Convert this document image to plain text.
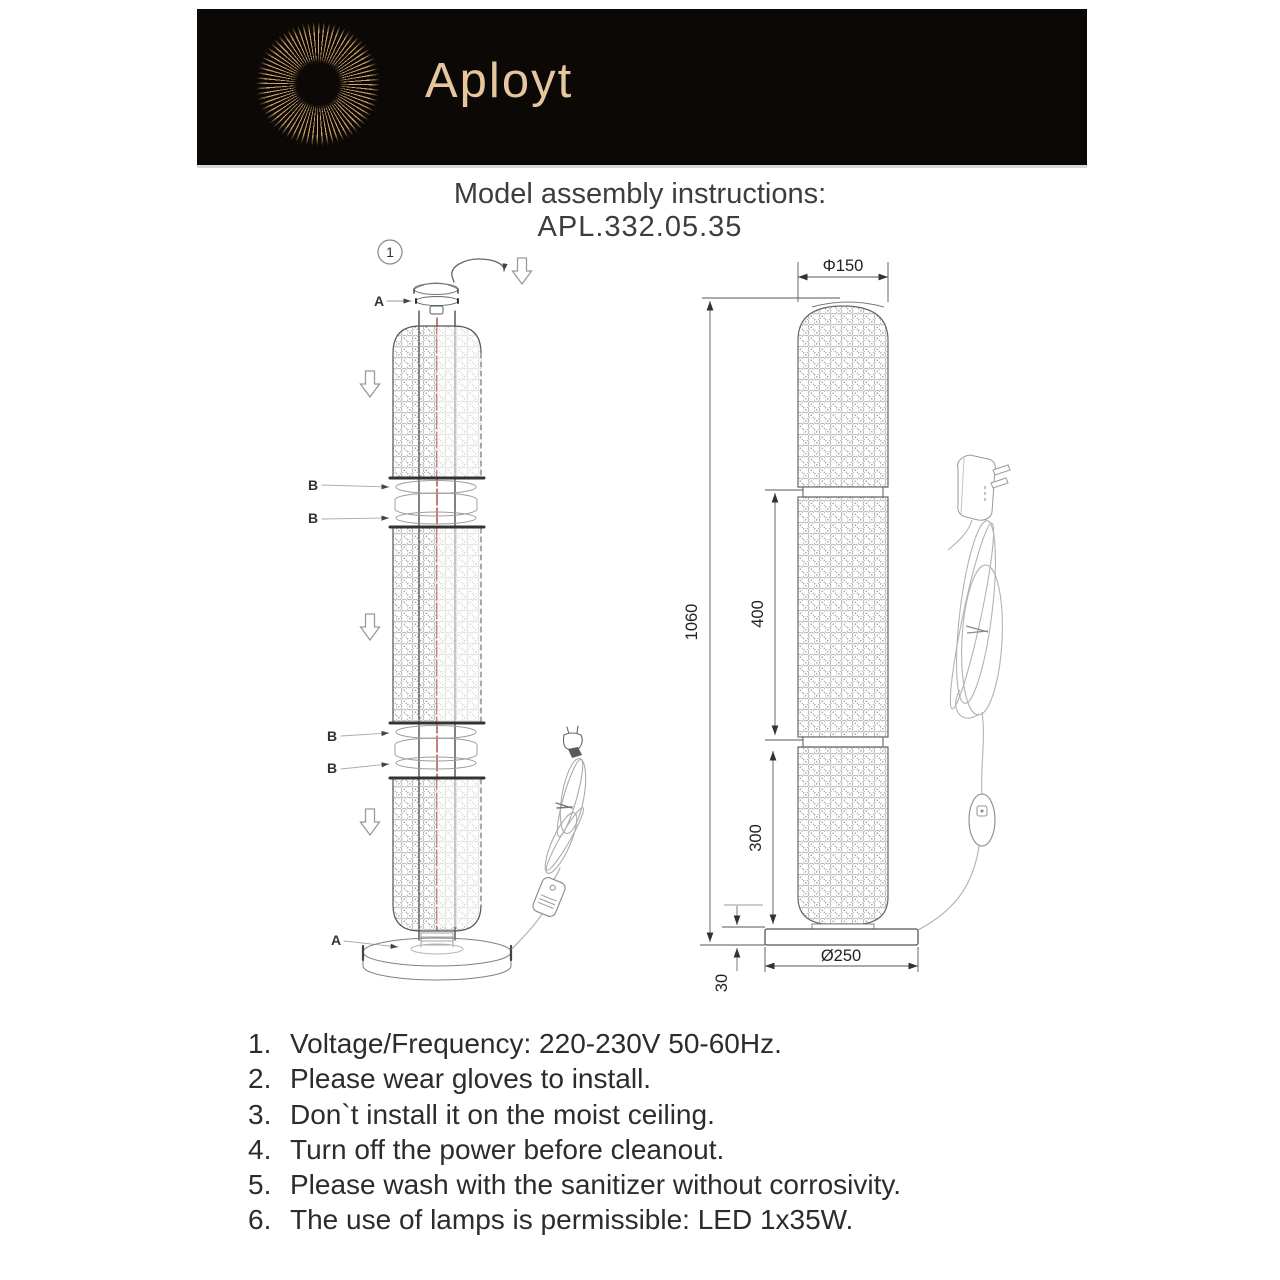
Aployt
Model assembly instructions:
APL.332.05.35
1
A
B
B
B
B
A
Φ150
1060	400
300
30
Ø250
1. Voltage/Frequency: 220-230V 50-60Hz.
2. Please wear gloves to install.
3. Don`t install it on the moist ceiling.
4. Turn off the power before cleanout.
5. Please wash with the sanitizer without corrosivity.
6. The use of lamps is permissible: LED 1x35W.
